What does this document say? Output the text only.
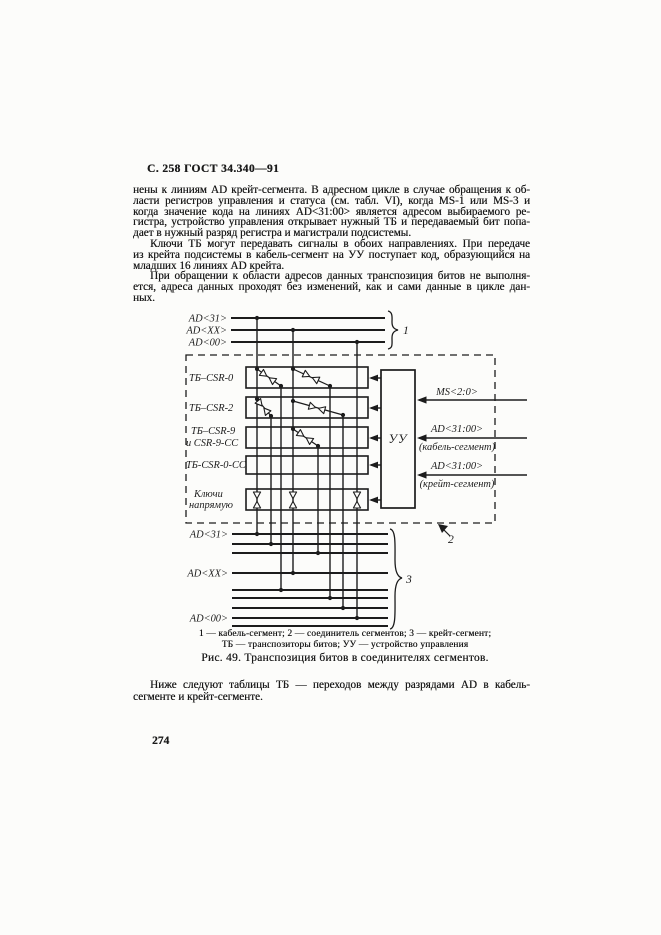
С. 258 ГОСТ 34.340—91
нены к линиям AD крейт-сегмента. В адресном цикле в случае обращения к об-
ласти регистров управления и статуса (см. табл. VI), когда MS-1 или MS-3 и
когда значение кода на линиях AD<31:00> является адресом выбираемого ре-
гистра, устройство управления открывает нужный ТБ и передаваемый бит попа-
дает в нужный разряд регистра и магистрали подсистемы.
Ключи ТБ могут передавать сигналы в обоих направлениях. При передаче
из крейта подсистемы в кабель-сегмент на УУ поступает код, образующийся на
младших 16 линиях AD крейта.
При обращении к области адресов данных транспозиция битов не выполня-
ется, адреса данных проходят без изменений, как и сами данные в цикле дан-
ных.
AD<31>
AD<XX>
AD<00>
1
ТБ–CSR-0
ТБ–CSR-2
ТБ–CSR-9
и CSR-9-СС
ТБ-CSR-0-СС
Ключи
напрямую
УУ
MS<2:0>
AD<31:00>
(кабель-сегмент)
AD<31:00>
(крейт-сегмент)
2
AD<31>
AD<XX>
AD<00>
3
1 — кабель-сегмент; 2 — соединитель сегментов; 3 — крейт-сегмент;
ТБ — транспозиторы битов; УУ — устройство управления
Рис. 49. Транспозиция битов в соединителях сегментов.
Ниже следуют таблицы ТБ — переходов между разрядами AD в кабель-
сегменте и крейт-сегменте.
274
